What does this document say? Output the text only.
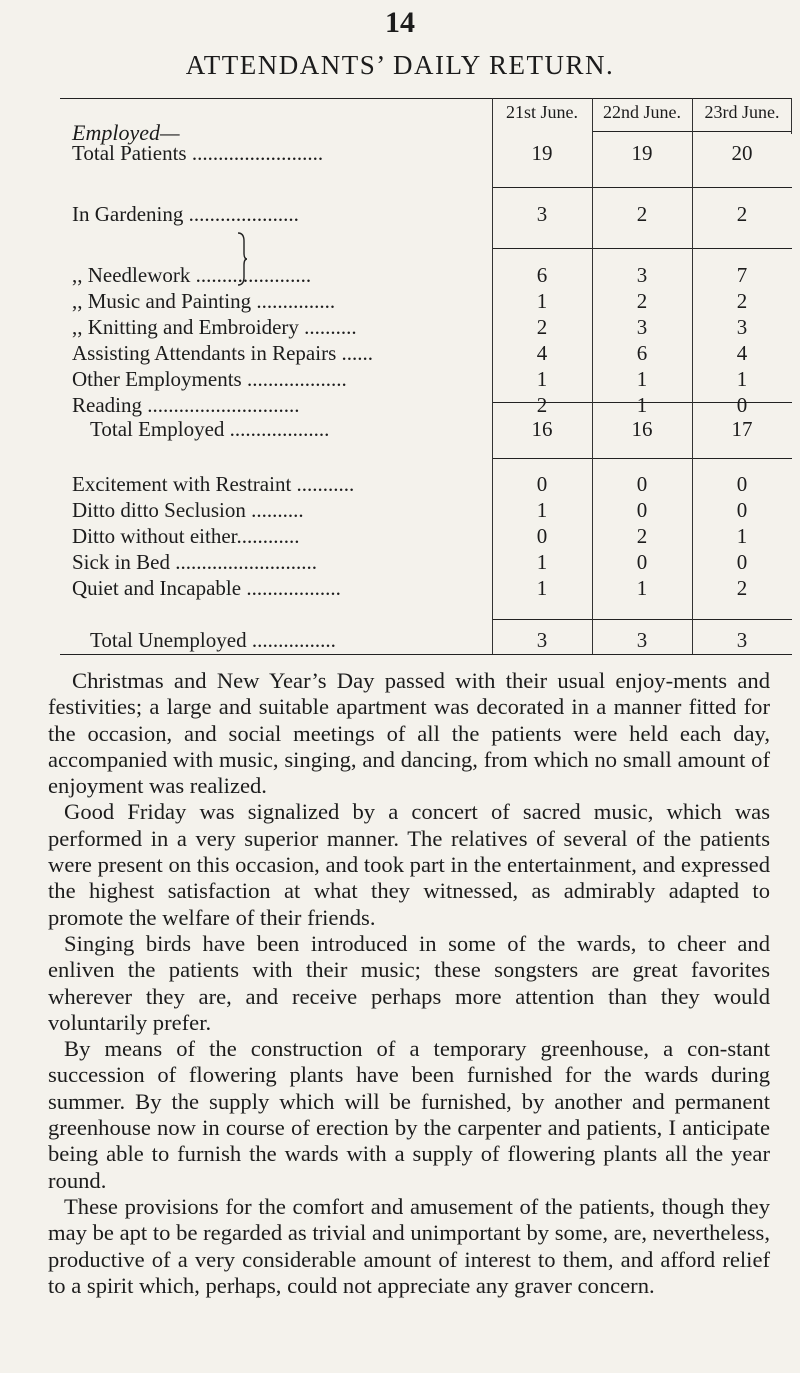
14
ATTENDANTS’ DAILY RETURN.
Employed—
21st June.	22nd June.	23rd June.
Total Patients .........................	19	19	20
In Gardening .....................	3	2	2
,, Needlework ......................	6	3	7
,, Music and Painting ...............	1	2	2
,, Knitting and Embroidery ..........	2	3	3
Assisting Attendants in Repairs ......	4	6	4
Other Employments ...................	1	1	1
Reading .............................	2	1	0
Total Employed ...................	16	16	17
Excitement with Restraint ...........	0	0	0
Ditto ditto Seclusion ..........	1	0	0
Ditto without either............	0	2	1
Sick in Bed ...........................	1	0	0
Quiet and Incapable ..................	1	1	2
Total Unemployed ................	3	3	3

Christmas and New Year’s Day passed with their usual enjoy-ments and festivities; a large and suitable apartment was decorated in a manner fitted for the occasion, and social meetings of all the patients were held each day, accompanied with music, singing, and dancing, from which no small amount of enjoyment was realized.

Good Friday was signalized by a concert of sacred music, which was performed in a very superior manner. The relatives of several of the patients were present on this occasion, and took part in the entertainment, and expressed the highest satisfaction at what they witnessed, as admirably adapted to promote the welfare of their friends.

Singing birds have been introduced in some of the wards, to cheer and enliven the patients with their music; these songsters are great favorites wherever they are, and receive perhaps more attention than they would voluntarily prefer.

By means of the construction of a temporary greenhouse, a con-stant succession of flowering plants have been furnished for the wards during summer. By the supply which will be furnished, by another and permanent greenhouse now in course of erection by the carpenter and patients, I anticipate being able to furnish the wards with a supply of flowering plants all the year round.

These provisions for the comfort and amusement of the patients, though they may be apt to be regarded as trivial and unimportant by some, are, nevertheless, productive of a very considerable amount of interest to them, and afford relief to a spirit which, perhaps, could not appreciate any graver concern.
